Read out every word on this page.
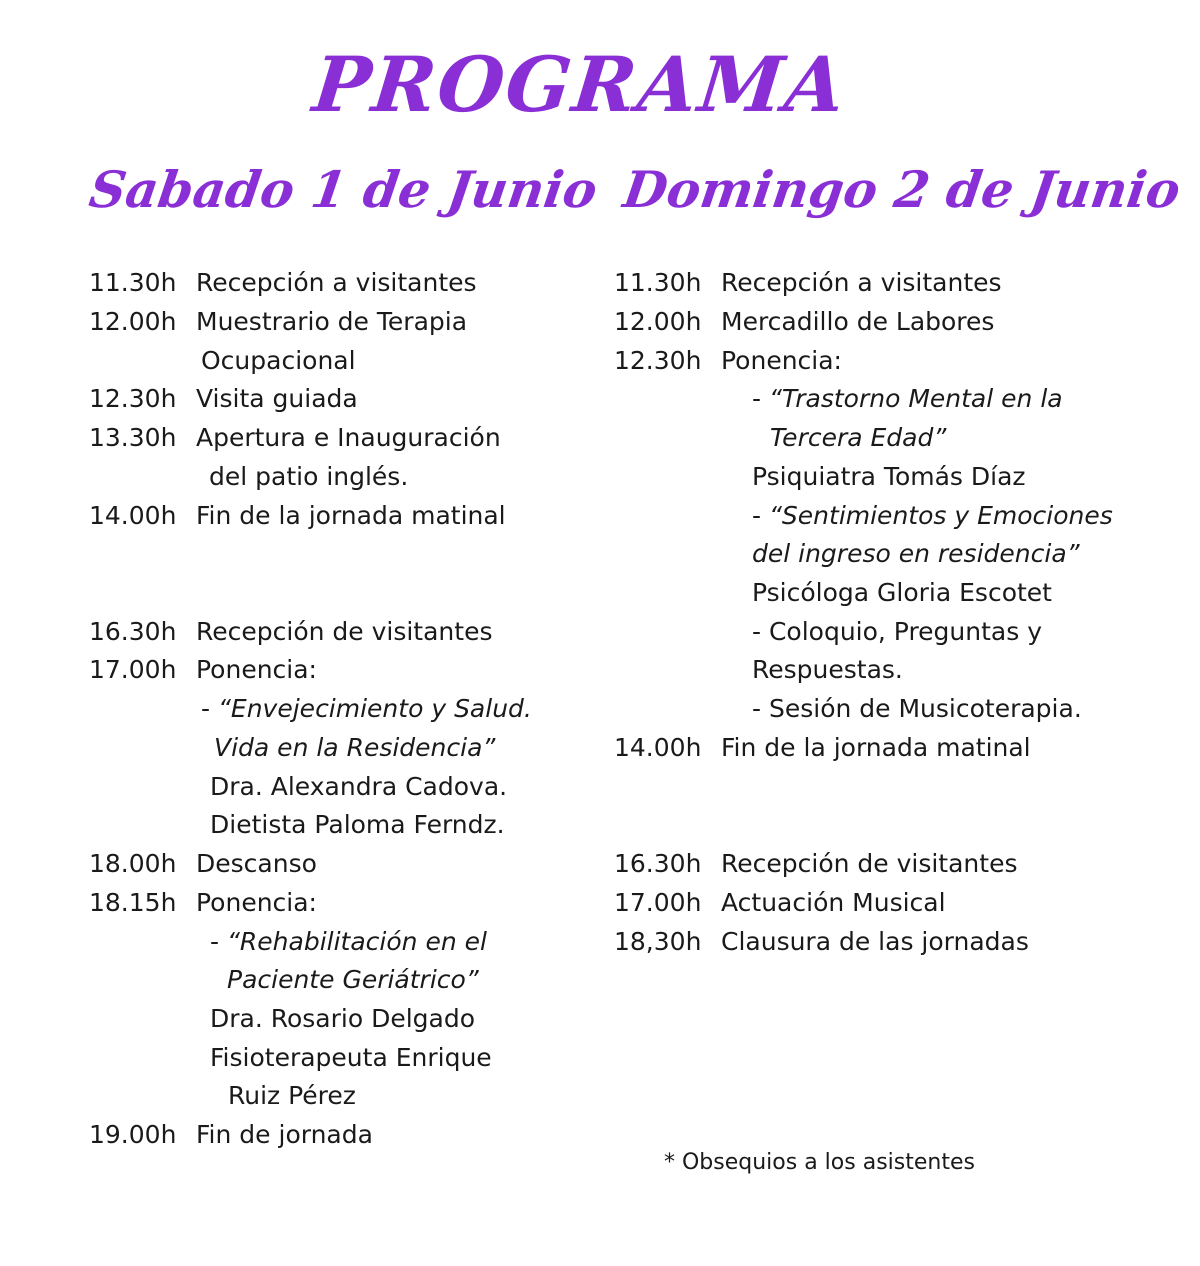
PROGRAMA
Sabado 1 de Junio Domingo 2 de Junio
11.30h Recepción a visitantes
12.00h Muestrario de Terapia
Ocupacional
12.30h Visita guiada
13.30h Apertura e Inauguración
del patio inglés.
14.00h Fin de la jornada matinal
16.30h Recepción de visitantes
17.00h Ponencia:
- “Envejecimiento y Salud.
Vida en la Residencia”
Dra. Alexandra Cadova.
Dietista Paloma Ferndz.
18.00h Descanso
18.15h Ponencia:
- “Rehabilitación en el
Paciente Geriátrico”
Dra. Rosario Delgado
Fisioterapeuta Enrique
Ruiz Pérez
19.00h Fin de jornada
11.30h Recepción a visitantes
12.00h Mercadillo de Labores
12.30h Ponencia:
- “Trastorno Mental en la
Tercera Edad”
Psiquiatra Tomás Díaz
- “Sentimientos y Emociones
del ingreso en residencia”
Psicóloga Gloria Escotet
- Coloquio, Preguntas y
Respuestas.
- Sesión de Musicoterapia.
14.00h Fin de la jornada matinal
16.30h Recepción de visitantes
17.00h Actuación Musical
18,30h Clausura de las jornadas
* Obsequios a los asistentes
